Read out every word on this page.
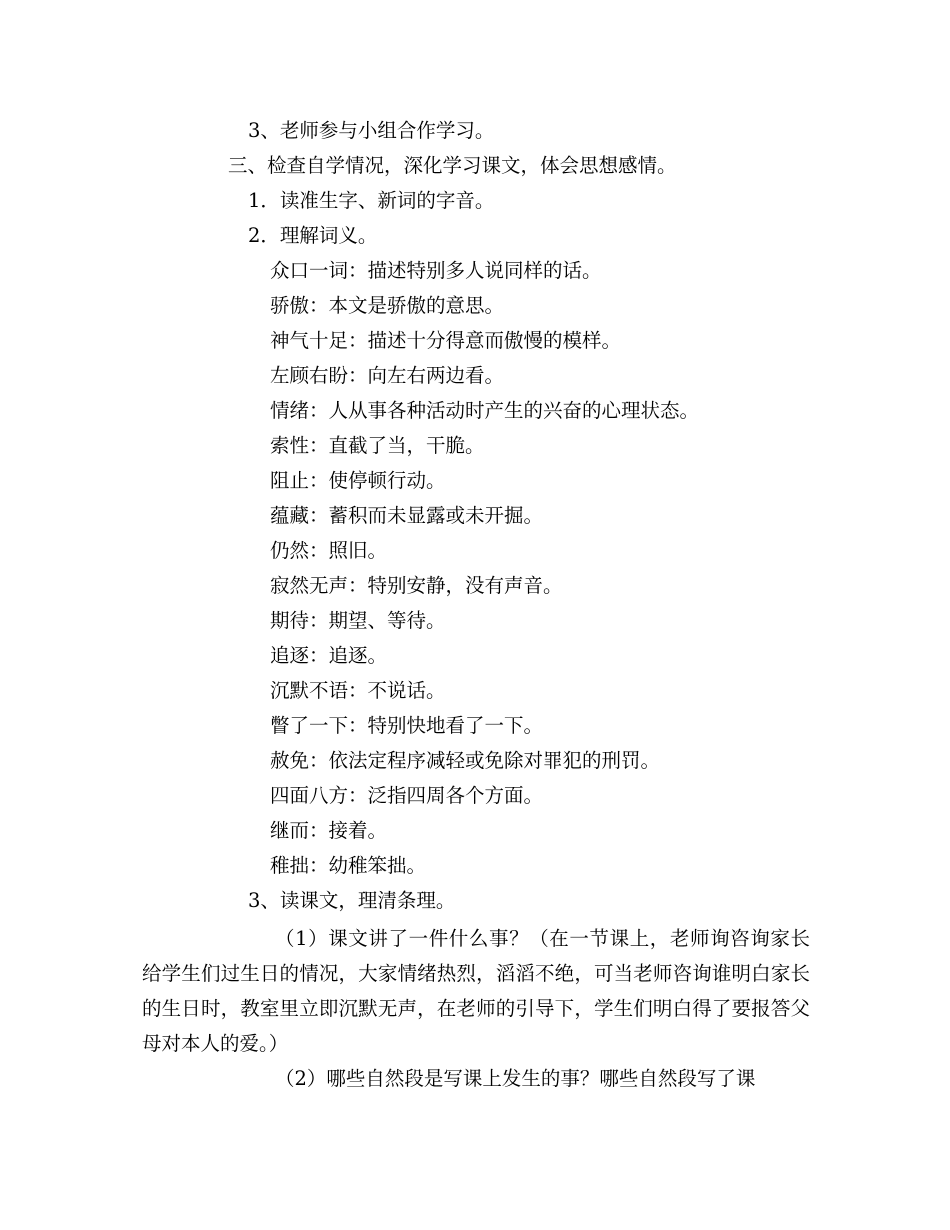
3、老师参与小组合作学习。
三、检查自学情况，深化学习课文，体会思想感情。
1．读准生字、新词的字音。
2．理解词义。
众口一词：描述特别多人说同样的话。
骄傲：本文是骄傲的意思。
神气十足：描述十分得意而傲慢的模样。
左顾右盼：向左右两边看。
情绪：人从事各种活动时产生的兴奋的心理状态。
索性：直截了当，干脆。
阻止：使停顿行动。
蕴藏：蓄积而未显露或未开掘。
仍然：照旧。
寂然无声：特别安静，没有声音。
期待：期望、等待。
追逐：追逐。
沉默不语：不说话。
瞥了一下：特别快地看了一下。
赦免：依法定程序减轻或免除对罪犯的刑罚。
四面八方：泛指四周各个方面。
继而：接着。
稚拙：幼稚笨拙。
3、读课文，理清条理。
（1）课文讲了一件什么事？（在一节课上，老师询咨询家长给学生们过生日的情况，大家情绪热烈，滔滔不绝，可当老师咨询谁明白家长的生日时，教室里立即沉默无声，在老师的引导下，学生们明白得了要报答父母对本人的爱。）
（2）哪些自然段是写课上发生的事？哪些自然段写了课
